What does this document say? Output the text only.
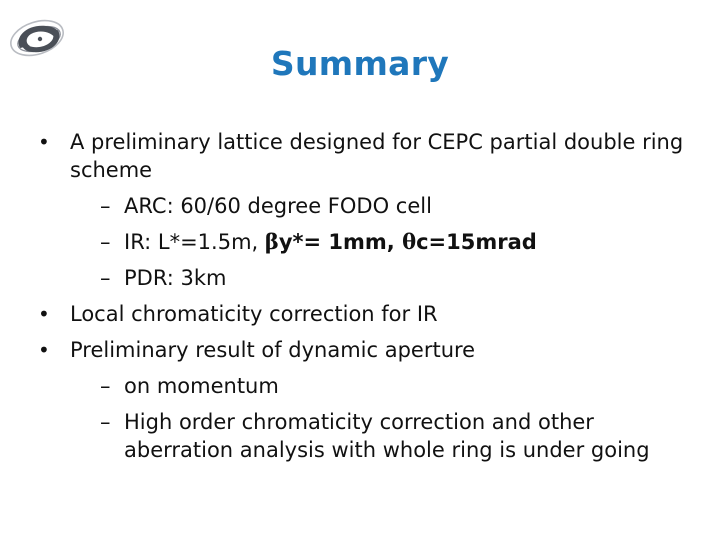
Summary
• A preliminary lattice designed for CEPC partial double ring scheme
– ARC: 60/60 degree FODO cell
– IR: L*=1.5m, βy*= 1mm, θc=15mrad
– PDR: 3km
• Local chromaticity correction for IR
• Preliminary result of dynamic aperture
– on momentum
– High order chromaticity correction and other aberration analysis with whole ring is under going
